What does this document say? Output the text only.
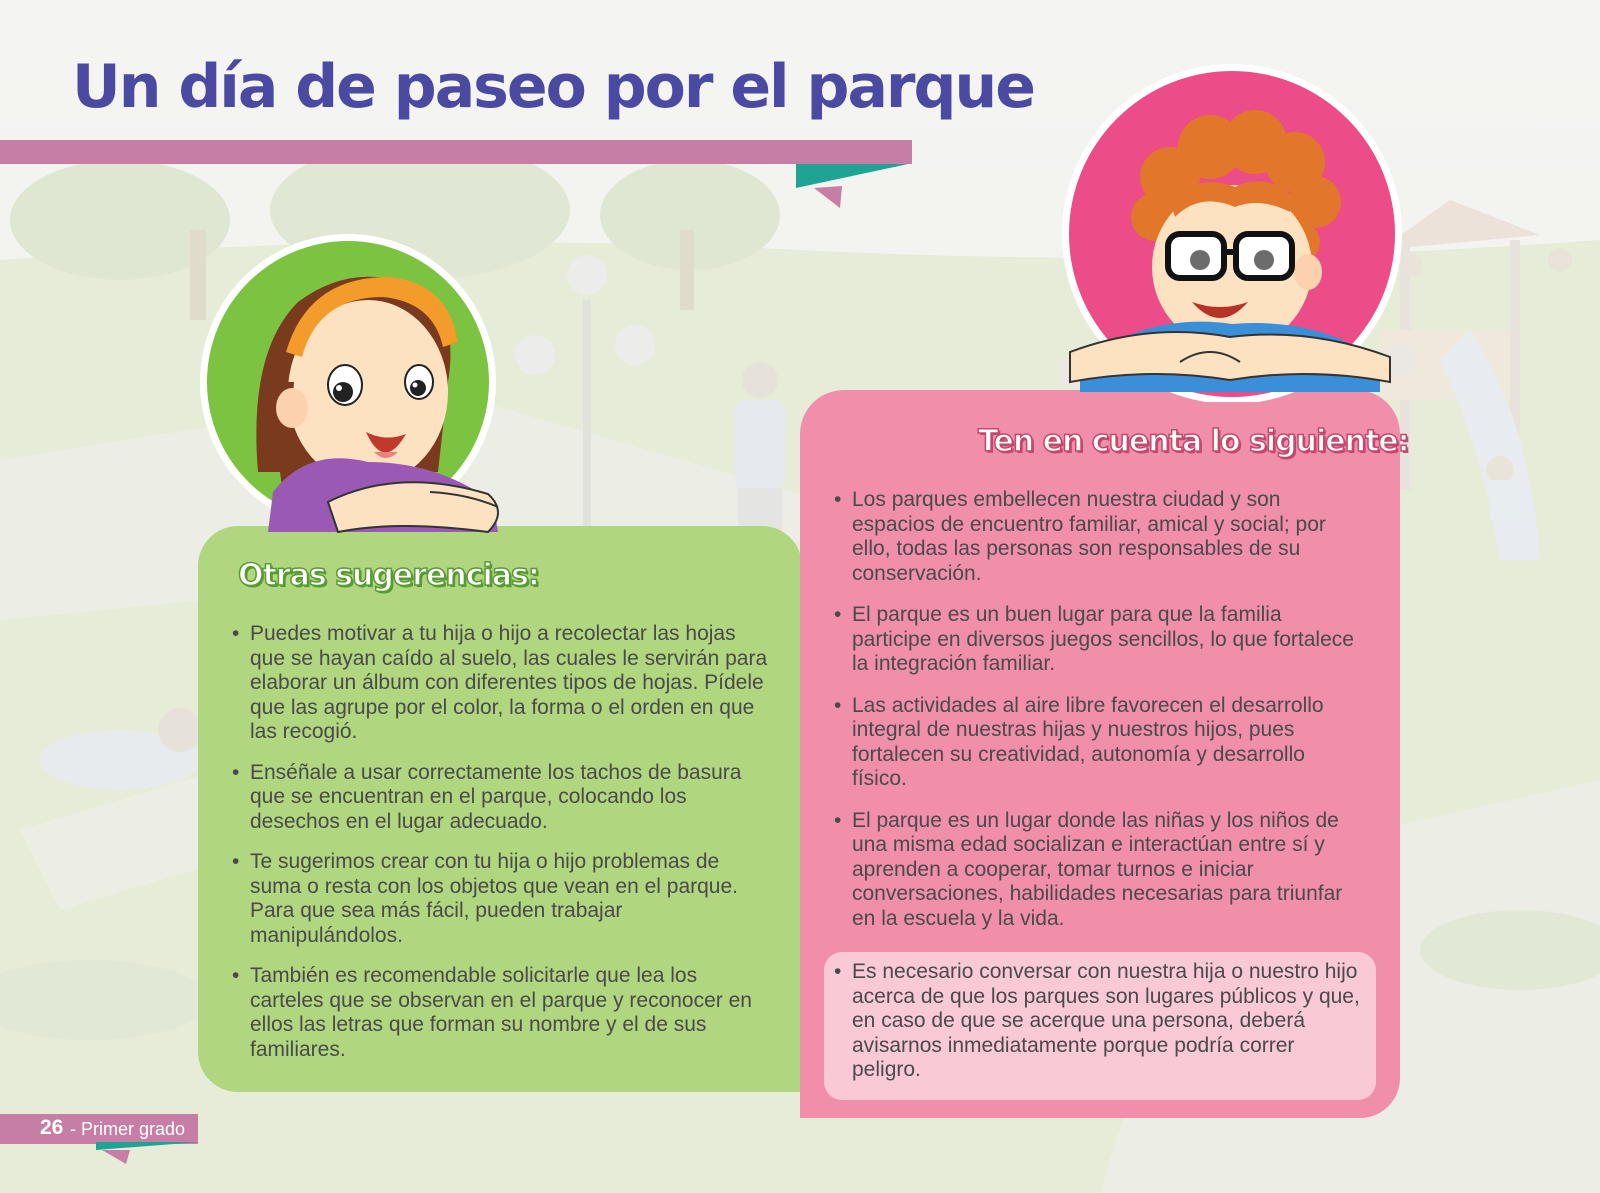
Un día de paseo por el parque
Otras sugerencias:
• Puedes motivar a tu hija o hijo a recolectar las hojas que se hayan caído al suelo, las cuales le servirán para elaborar un álbum con diferentes tipos de hojas. Pídele que las agrupe por el color, la forma o el orden en que las recogió.
• Enséñale a usar correctamente los tachos de basura que se encuentran en el parque, colocando los desechos en el lugar adecuado.
• Te sugerimos crear con tu hija o hijo problemas de suma o resta con los objetos que vean en el parque. Para que sea más fácil, pueden trabajar manipulándolos.
• También es recomendable solicitarle que lea los carteles que se observan en el parque y reconocer en ellos las letras que forman su nombre y el de sus familiares.
Ten en cuenta lo siguiente:
• Los parques embellecen nuestra ciudad y son espacios de encuentro familiar, amical y social; por ello, todas las personas son responsables de su conservación.
• El parque es un buen lugar para que la familia participe en diversos juegos sencillos, lo que fortalece la integración familiar.
• Las actividades al aire libre favorecen el desarrollo integral de nuestras hijas y nuestros hijos, pues fortalecen su creatividad, autonomía y desarrollo físico.
• El parque es un lugar donde las niñas y los niños de una misma edad socializan e interactúan entre sí y aprenden a cooperar, tomar turnos e iniciar conversaciones, habilidades necesarias para triunfar en la escuela y la vida.
• Es necesario conversar con nuestra hija o nuestro hijo acerca de que los parques son lugares públicos y que, en caso de que se acerque una persona, deberá avisarnos inmediatamente porque podría correr peligro.
26 - Primer grado
